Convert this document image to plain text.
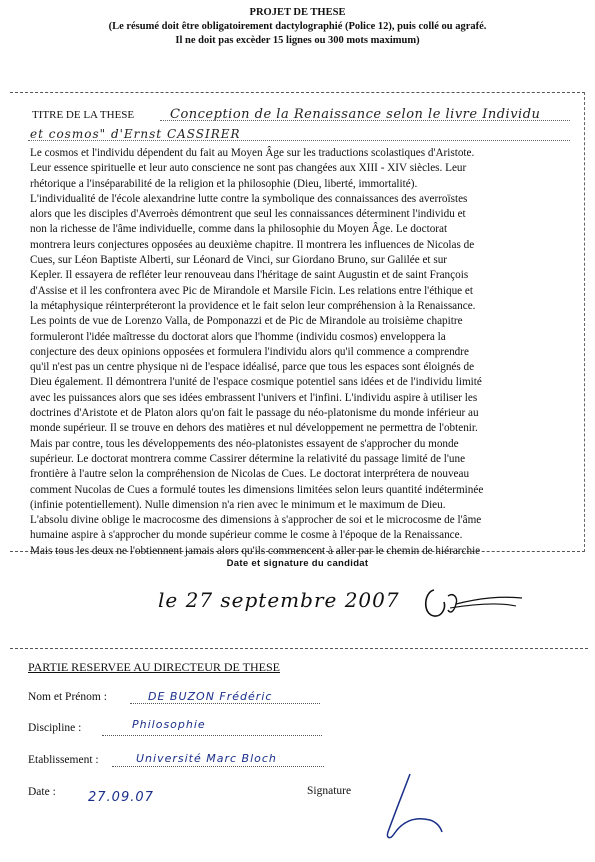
PROJET DE THESE
(Le résumé doit être obligatoirement dactylographié (Police 12), puis collé ou agrafé.
Il ne doit pas excèder 15 lignes ou 300 mots maximum)
TITRE DE LA THESE	Conception de la Renaissance selon le livre Individu
et cosmos" d'Ernst CASSIRER
Le cosmos et l'individu dépendent du fait au Moyen Âge sur les traductions scolastiques d'Aristote.
Leur essence spirituelle et leur auto conscience ne sont pas changées aux XIII - XIV siècles. Leur
rhétorique a l'inséparabilité de la religion et la philosophie (Dieu, liberté, immortalité).
L'individualité de l'école alexandrine lutte contre la symbolique des connaissances des averroïstes
alors que les disciples d'Averroès démontrent que seul les connaissances déterminent l'individu et
non la richesse de l'âme individuelle, comme dans la philosophie du Moyen Âge. Le doctorat
montrera leurs conjectures opposées au deuxième chapitre. Il montrera les influences de Nicolas de
Cues, sur Léon Baptiste Alberti, sur Léonard de Vinci, sur Giordano Bruno, sur Galilée et sur
Kepler. Il essayera de refléter leur renouveau dans l'héritage de saint Augustin et de saint François
d'Assise et il les confrontera avec Pic de Mirandole et Marsile Ficin. Les relations entre l'éthique et
la métaphysique réinterpréteront la providence et le fait selon leur compréhension à la Renaissance.
Les points de vue de Lorenzo Valla, de Pomponazzi et de Pic de Mirandole au troisième chapitre
formuleront l'idée maîtresse du doctorat alors que l'homme (individu cosmos) enveloppera la
conjecture des deux opinions opposées et formulera l'individu alors qu'il commence a comprendre
qu'il n'est pas un centre physique ni de l'espace idéalisé, parce que tous les espaces sont éloignés de
Dieu également. Il démontrera l'unité de l'espace cosmique potentiel sans idées et de l'individu limité
avec les puissances alors que ses idées embrassent l'univers et l'infini. L'individu aspire à utiliser les
doctrines d'Aristote et de Platon alors qu'on fait le passage du néo-platonisme du monde inférieur au
monde supérieur. Il se trouve en dehors des matières et nul développement ne permettra de l'obtenir.
Mais par contre, tous les développements des néo-platonistes essayent de s'approcher du monde
supérieur. Le doctorat montrera comme Cassirer détermine la relativité du passage limité de l'une
frontière à l'autre selon la compréhension de Nicolas de Cues. Le doctorat interprétera de nouveau
comment Nucolas de Cues a formulé toutes les dimensions limitées selon leurs quantité indéterminée
(infinie potentiellement). Nulle dimension n'a rien avec le minimum et le maximum de Dieu.
L'absolu divine oblige le macrocosme des dimensions à s'approcher de soi et le microcosme de l'âme
humaine aspire à s'approcher du monde supérieur comme le cosme à l'époque de la Renaissance.
Mais tous les deux ne l'obtiennent jamais alors qu'ils commencent à aller par le chemin de hiérarchie
Date et signature du candidat
le 27 septembre 2007
PARTIE RESERVEE AU DIRECTEUR DE THESE
Nom et Prénom :	DE BUZON Frédéric
Discipline :	Philosophie
Etablissement :	Université Marc Bloch
Date : 27.09.07	Signature
